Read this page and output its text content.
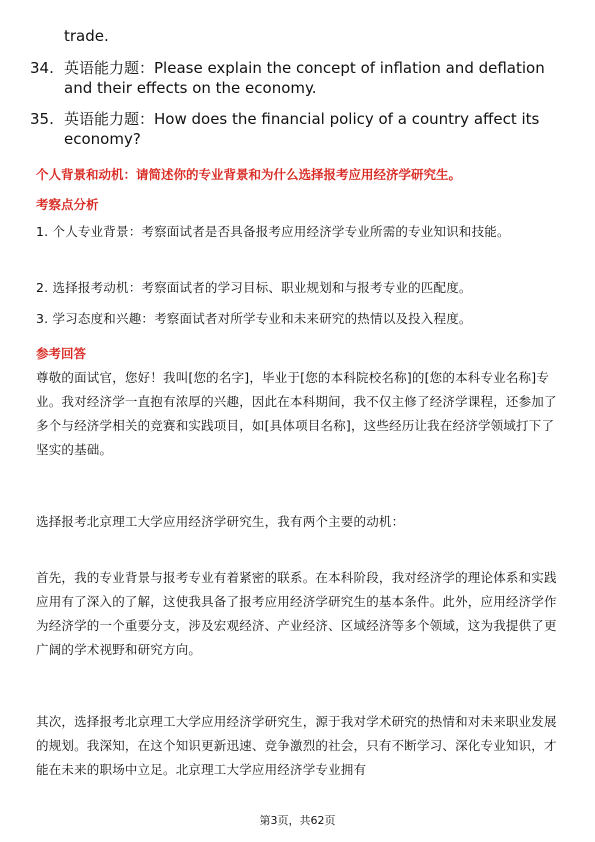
trade.
34. 英语能力题：Please explain the concept of inflation and deflation and their effects on the economy.
35. 英语能力题：How does the financial policy of a country affect its economy?
个人背景和动机：请简述你的专业背景和为什么选择报考应用经济学研究生。
考察点分析
1. 个人专业背景：考察面试者是否具备报考应用经济学专业所需的专业知识和技能。
2. 选择报考动机：考察面试者的学习目标、职业规划和与报考专业的匹配度。
3. 学习态度和兴趣：考察面试者对所学专业和未来研究的热情以及投入程度。
参考回答
尊敬的面试官，您好！我叫[您的名字]，毕业于[您的本科院校名称]的[您的本科专业名称]专业。我对经济学一直抱有浓厚的兴趣，因此在本科期间，我不仅主修了经济学课程，还参加了多个与经济学相关的竞赛和实践项目，如[具体项目名称]，这些经历让我在经济学领域打下了坚实的基础。
选择报考北京理工大学应用经济学研究生，我有两个主要的动机：
首先，我的专业背景与报考专业有着紧密的联系。在本科阶段，我对经济学的理论体系和实践应用有了深入的了解，这使我具备了报考应用经济学研究生的基本条件。此外，应用经济学作为经济学的一个重要分支，涉及宏观经济、产业经济、区域经济等多个领域，这为我提供了更广阔的学术视野和研究方向。
其次，选择报考北京理工大学应用经济学研究生，源于我对学术研究的热情和对未来职业发展的规划。我深知，在这个知识更新迅速、竞争激烈的社会，只有不断学习、深化专业知识，才能在未来的职场中立足。北京理工大学应用经济学专业拥有
第3页，共62页
